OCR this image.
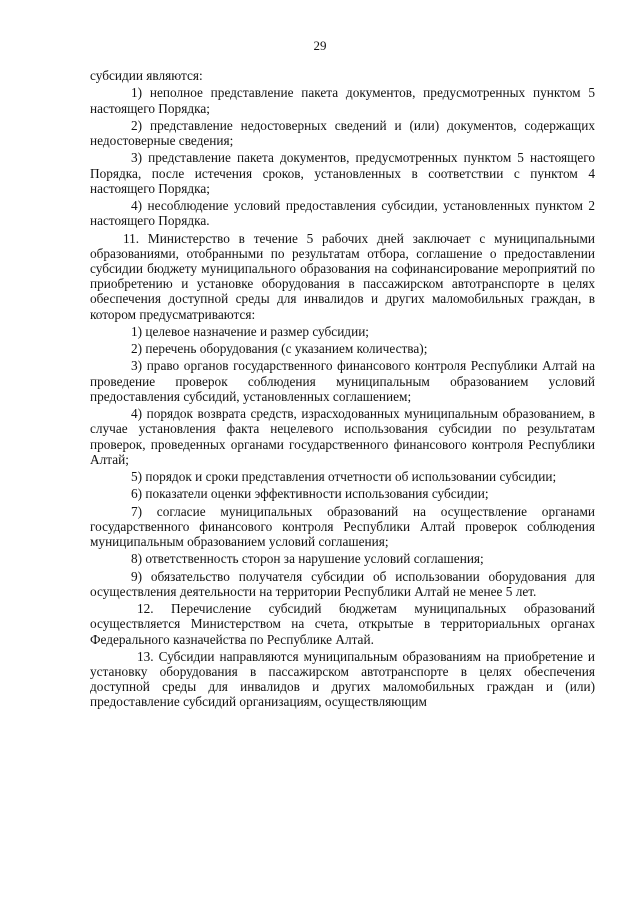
29

субсидии являются:

1) неполное представление пакета документов, предусмотренных пунктом 5 настоящего Порядка;

2) представление недостоверных сведений и (или) документов, содержащих недостоверные сведения;

3) представление пакета документов, предусмотренных пунктом 5 настоящего Порядка, после истечения сроков, установленных в соответствии с пунктом 4 настоящего Порядка;

4) несоблюдение условий предоставления субсидии, установленных пунктом 2 настоящего Порядка.

11. Министерство в течение 5 рабочих дней заключает с муниципальными образованиями, отобранными по результатам отбора, соглашение о предоставлении субсидии бюджету муниципального образования на софинансирование мероприятий по приобретению и установке оборудования в пассажирском автотранспорте в целях обеспечения доступной среды для инвалидов и других маломобильных граждан, в котором предусматриваются:

1) целевое назначение и размер субсидии;

2) перечень оборудования (с указанием количества);

3) право органов государственного финансового контроля Республики Алтай на проведение проверок соблюдения муниципальным образованием условий предоставления субсидий, установленных соглашением;

4) порядок возврата средств, израсходованных муниципальным образованием, в случае установления факта нецелевого использования субсидии по результатам проверок, проведенных органами государственного финансового контроля Республики Алтай;

5) порядок и сроки представления отчетности об использовании субсидии;

6) показатели оценки эффективности использования субсидии;

7) согласие муниципальных образований на осуществление органами государственного финансового контроля Республики Алтай проверок соблюдения муниципальным образованием условий соглашения;

8) ответственность сторон за нарушение условий соглашения;

9) обязательство получателя субсидии об использовании оборудования для осуществления деятельности на территории Республики Алтай не менее 5 лет.

12. Перечисление субсидий бюджетам муниципальных образований осуществляется Министерством на счета, открытые в территориальных органах Федерального казначейства по Республике Алтай.

13. Субсидии направляются муниципальным образованиям на приобретение и установку оборудования в пассажирском автотранспорте в целях обеспечения доступной среды для инвалидов и других маломобильных граждан и (или) предоставление субсидий организациям, осуществляющим
